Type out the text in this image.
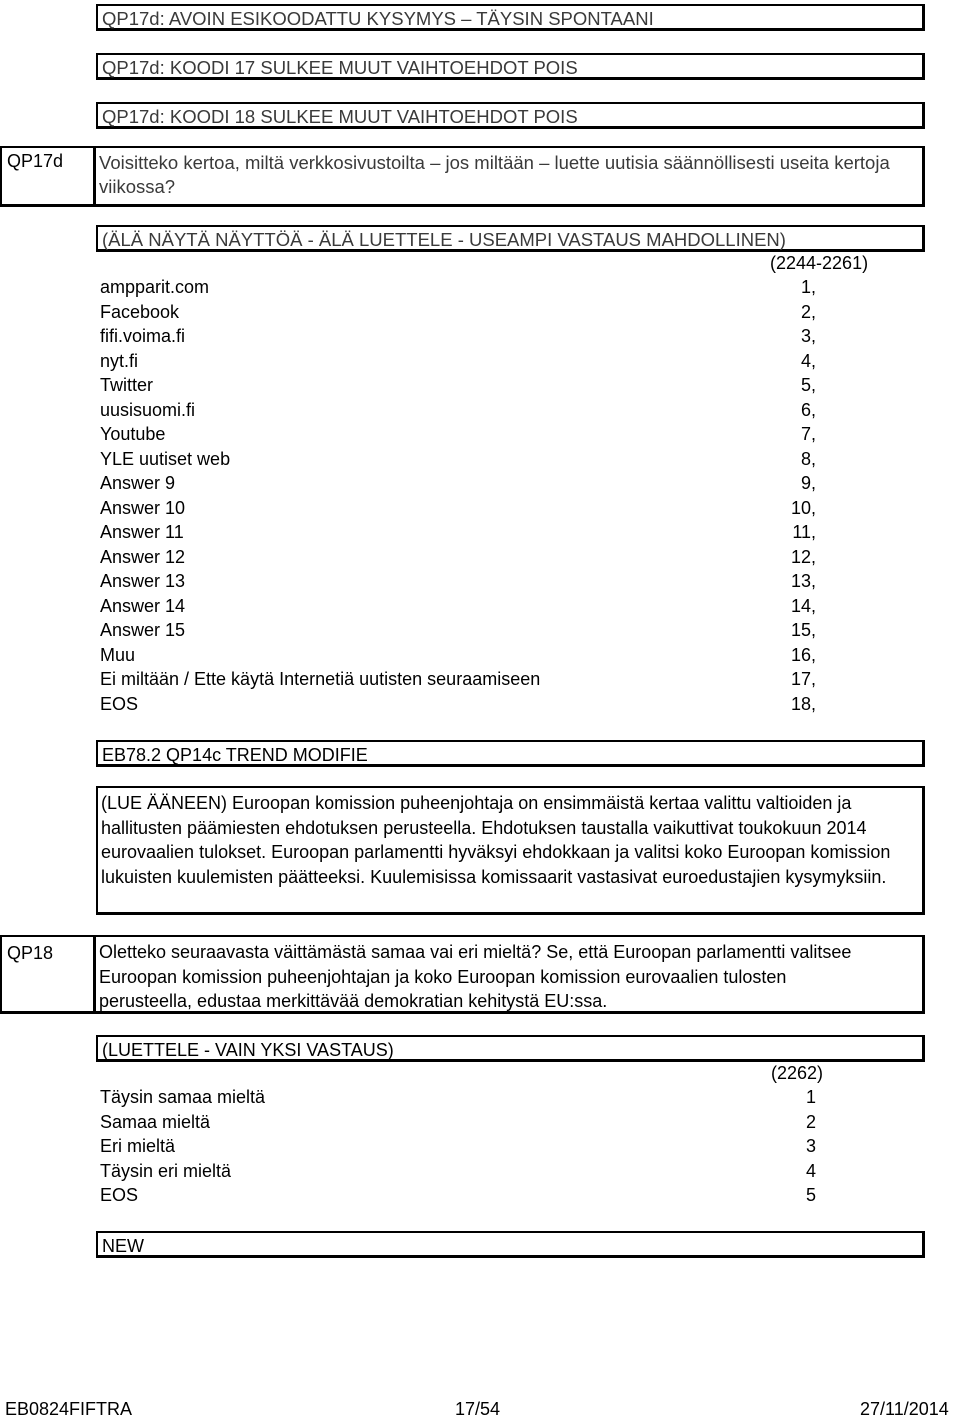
QP17d: AVOIN ESIKOODATTU KYSYMYS – TÄYSIN SPONTAANI
QP17d: KOODI 17 SULKEE MUUT VAIHTOEHDOT POIS
QP17d: KOODI 18 SULKEE MUUT VAIHTOEHDOT POIS
QP17d Voisitteko kertoa, miltä verkkosivustoilta – jos miltään – luette uutisia säännöllisesti useita kertoja viikossa?
(ÄLÄ NÄYTÄ NÄYTTÖÄ - ÄLÄ LUETTELE - USEAMPI VASTAUS MAHDOLLINEN)
(2244-2261)
ampparit.com	1,
Facebook	2,
fifi.voima.fi	3,
nyt.fi	4,
Twitter	5,
uusisuomi.fi	6,
Youtube	7,
YLE uutiset web	8,
Answer 9	9,
Answer 10	10,
Answer 11	11,
Answer 12	12,
Answer 13	13,
Answer 14	14,
Answer 15	15,
Muu	16,
Ei miltään / Ette käytä Internetiä uutisten seuraamiseen	17,
EOS	18,
EB78.2 QP14c TREND MODIFIE
(LUE ÄÄNEEN) Euroopan komission puheenjohtaja on ensimmäistä kertaa valittu valtioiden ja hallitusten päämiesten ehdotuksen perusteella. Ehdotuksen taustalla vaikuttivat toukokuun 2014 eurovaalien tulokset. Euroopan parlamentti hyväksyi ehdokkaan ja valitsi koko Euroopan komission lukuisten kuulemisten päätteeksi. Kuulemisissa komissaarit vastasivat euroedustajien kysymyksiin.
QP18	Oletteko seuraavasta väittämästä samaa vai eri mieltä? Se, että Euroopan parlamentti valitsee Euroopan komission puheenjohtajan ja koko Euroopan komission eurovaalien tulosten perusteella, edustaa merkittävää demokratian kehitystä EU:ssa.
(LUETTELE - VAIN YKSI VASTAUS)
(2262)
Täysin samaa mieltä	1
Samaa mieltä	2
Eri mieltä	3
Täysin eri mieltä	4
EOS	5
NEW
EB0824FIFTRA	17/54	27/11/2014
